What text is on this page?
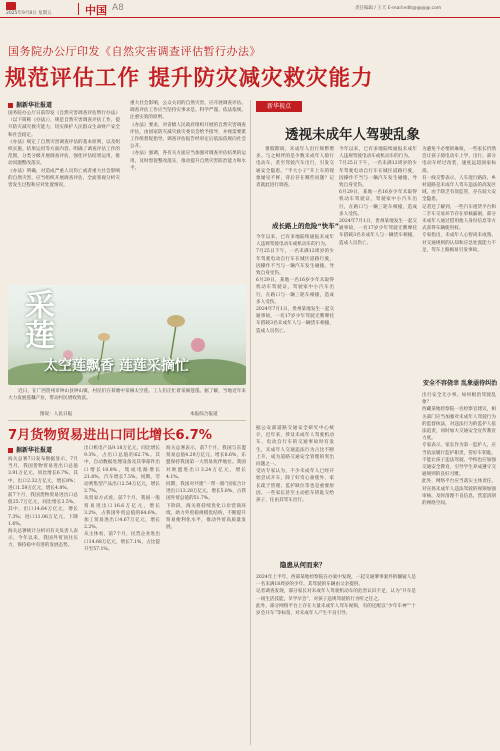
2025年9月8日 星期五	中国 A8	责任编辑 / 王天 E-mail:edit@@@@.com
国务院办公厅印发《自然灾害调查评估暂行办法》
规范评估工作 提升防灾减灾救灾能力
据新华社报道
国务院办公厅日前印发《自然灾害调查评估暂行办法》（以下简称《办法》），规范自然灾害调查评估工作，提升防灾减灾救灾能力，切实保护人民群众生命财产安全和社会稳定。
《办法》规定了自然灾害调查评估的基本原则，以及组织实施、结果运用等方面内容。明确了调查评估工作的范围，分类分级开展调查评估，强化评估结果运用，推动问题整改落实。
《办法》明确，对造成严重人员伤亡或者重大社会影响的自然灾害，应当组织开展调查评估，全面客观分析灾害发生过程和应对处置情况。
重大社会影响，公众关切的自然灾害，应开展调查评估。调查评估工作应当坚持实事求是、科学严谨、依法依规、注重实效的原则。
《办法》要求，对省级人民政府组织开展的自然灾害调查评估，由国家防灾减灾救灾委员会给予指导，并视需要派工作组督促指导。调查评估报告经审定后依法依规向社会公开。
《办法》强调，各有关方面应当加强对调查评估结果的运用，及时督促整改落实，推动提升自然灾害防治能力和水平。
采莲
太空莲飘香 莲莲采摘忙
近日，在广西贺州市钟山县钟山镇，村民们在荷塘中采摘太空莲。工人们正忙着采摘莲蓬。据了解，当地近年来大力发展莲藕产业，带动村民增收致富。
图说：人民日报	本报综合报道
7月货物贸易进出口同比增长6.7%
据新华社报道
海关总署7日发布数据显示，7月当月，我国货物贸易进出口总值3.91万亿元，同比增长6.7%。其中，出口2.32万亿元，增长8%；进口1.59万亿元，增长4.8%。
前7个月，我国货物贸易进出口总值25.7万亿元，同比增长3.5%。其中，出口14.64万亿元，增长7.3%；进口11.06万亿元，下降1.6%。
海关总署统计分析司有关负责人表示，今年以来，我国外贸顶住压力，保持稳中有进的发展态势。
出口机电产品9.18万亿元，同比增长9.3%，占出口总值的62.7%。其中，自动数据处理设备及其零部件出口增长10.8%，集成电路增长21.8%，汽车增长7.5%。同期，劳动密集型产品出口2.54万亿元，增长2.7%。
从贸易方式看，前7个月，我国一般贸易进出口16.6万亿元，增长3.2%，占我国外贸总值的64.6%。加工贸易进出口4.67万亿元，增长2.2%。
从主体看，前7个月，民营企业进出口14.68万亿元，增长7.1%，占比提升至57.1%。
海关总署表示，前7个月，我国与东盟贸易总值4.29万亿元，增长8.6%，东盟保持我国第一大贸易伙伴地位。我国对欧盟进出口3.24万亿元，增长4.1%。
同期，我国对共建“一带一路”国家合计进出口13.28万亿元，增长5.8%，占我国外贸总值的51.7%。
下阶段，海关将持续优化口岸营商环境，助力外贸稳规模优结构，不断提升贸易便利化水平，推动外贸高质量发展。
新华视点
透视未成年人驾驶乱象
暑假期间，未成年人出行频繁增多。与之相伴的是少数未成年人骑行电动车，甚至驾驶汽车出行，引发交通安全隐患。“半大小子”开上车的现象屡见不鲜，背后存在哪些问题？记者就此进行调查。
成长路上的危险“快车”
今年以来，已有多地陆续通报未成年人违规驾驶电动车或机动车的行为。
7月25日下午，一名未满12周岁的少年驾驶电动自行车在城区道路行驶，因操作不当与一辆汽车发生碰撞，导致自身受伤。
6月29日，某地一名16岁少年未取得机动车驾驶证，驾驶家中小汽车出行，在路口与一辆三轮车相撞，造成多人受伤。
2024年7月1日，贵州某地发生一起交通事故，一名17岁少年驾驶无牌摩托车搭载3名未成年人与一辆货车相撞，造成人员伤亡。
据公安部道路交通安全研究中心统计，近年来，涉及未成年人驾驶机动车、电动自行车的交通事故时有发生，未成年人交通违法行为占比不断上升，成为道路交通安全管理的突出问题之一。
受访专家认为，不少未成年人已经开始尝试开车，除了好奇心驱使外，家长疏于管理、监护缺位等也是重要原因。一些家长甚至主动把车钥匙交给孩子，任由其驾车出行。
隐患从何而来？
2024年上半年，西部某地检察院在办案中发现，一起交通肇事案件的嫌疑人是一名未满18周岁的少年，其驾驶的车辆由父亲提供。
记者调查发现，部分家长对未成年人驾驶机动车的危害认识不足，认为“开车是一项生活技能，早学早会”，对孩子违规驾驶的行为听之任之。
此外，部分网络平台上存在大量未成年人驾车视频，有的还配以“少年车神”“十岁会开车”等标签，对未成年人产生不良引导。
今年以来，已有多地陆续通报未成年人违规驾驶电动车或机动车的行为。
7月25日下午，一名未满12周岁的少年驾驶电动自行车在城区道路行驶，因操作不当与一辆汽车发生碰撞，导致自身受伤。
6月29日，某地一名16岁少年未取得机动车驾驶证，驾驶家中小汽车出行，在路口与一辆三轮车相撞，造成多人受伤。
2024年7月1日，贵州某地发生一起交通事故，一名17岁少年驾驶无牌摩托车搭载3名未成年人与一辆货车相撞，造成人员伤亡。
为避免不必要的麻烦，一些家长仍然会让孩子骑电动车上学、出行。部分电动车经过改装，速度远超国家标准。
有一线交警表示，人车混行路段、乡村道路是未成年人驾车违法的高发区域，由于缺乏有效监管，存在较大安全隐患。
记者还了解到，一些汽车租赁平台和二手车交易环节存在审核漏洞，部分未成年人通过借用他人身份信息等方式获得车辆使用权。
专家指出，未成年人心智尚未成熟，对交通规则的认知和应急处置能力不足，驾车上路极易引发事故。
安全不容侥幸 乱象亟待纠治
出行安全无小事。如何根治驾驶乱象？
西藏某地检察院一名检察官建议，相关部门应当加强对未成年人驾驶行为的监督执法，对违法行为的监护人依法追责，同时加大交通安全宣传教育力度。
专家表示，家长作为第一监护人，应当依法履行监护职责，管好车钥匙，不能让孩子违法驾驶。学校也应加强交通安全教育，引导学生养成遵守交通规则的良好习惯。
此外，网络平台应当落实主体责任，对宣扬未成年人违法驾驶的视频加强审核，及时清理不良信息，营造清朗的网络空间。
